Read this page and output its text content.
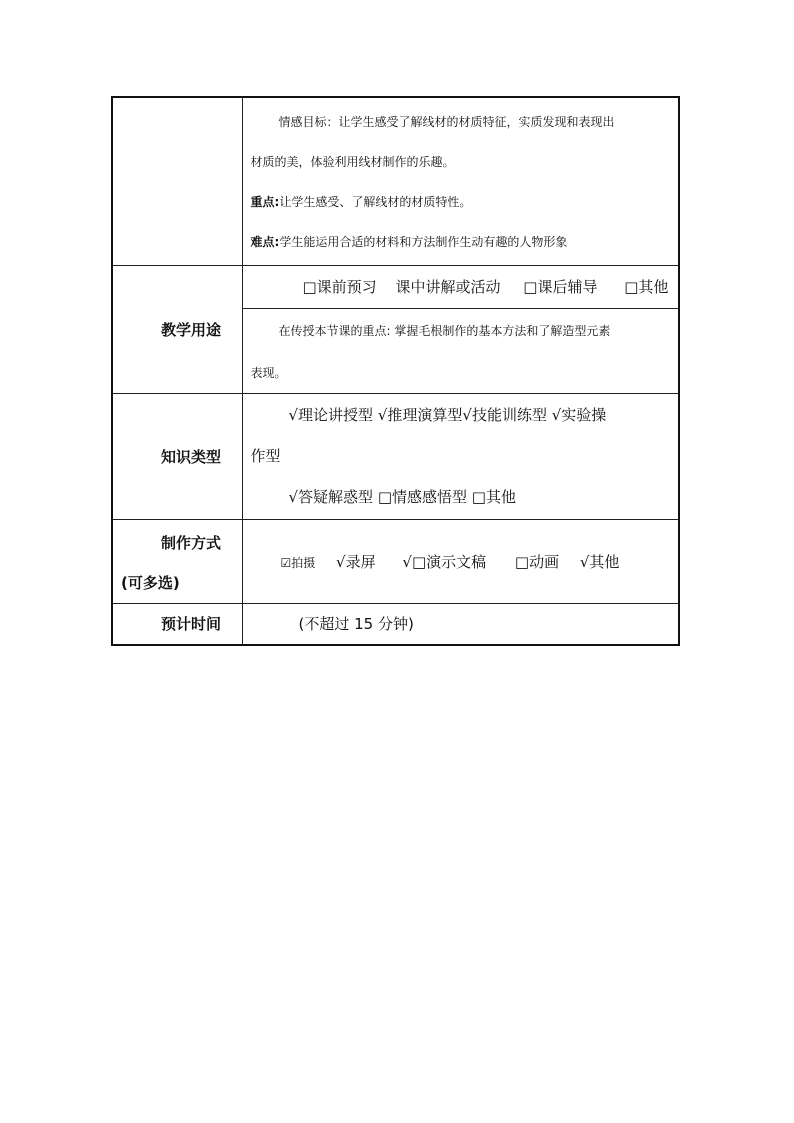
	情感目标：让学生感受了解线材的材质特征，实质发现和表现出

材质的美，体验利用线材制作的乐趣。

重点:让学生感受、了解线材的材质特性。

难点:学生能运用合适的材料和方法制作生动有趣的人物形象

教学用途	□课前预习 课中讲解或活动 □课后辅导 □其他

	在传授本节课的重点: 掌握毛根制作的基本方法和了解造型元素

表现。

知识类型	√理论讲授型 √推理演算型√技能训练型 √实验操

作型

√答疑解惑型 □情感感悟型 □其他

制作方式
(可多选)	☑拍摄 √录屏 √□演示文稿 □动画 √其他

预计时间	(不超过 15 分钟)
